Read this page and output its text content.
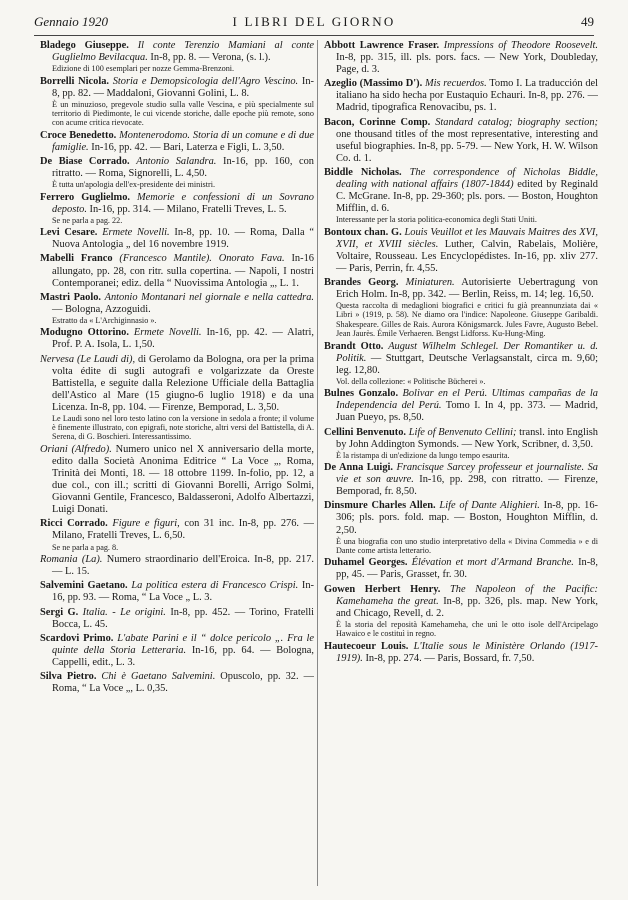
Gennaio 1920	I LIBRI DEL GIORNO	49
Bladego Giuseppe. Il conte Terenzio Mamiani al conte Guglielmo Bevilacqua. In-8, pp. 8. — Verona, (s. l.).
Edizione di 100 esemplari per nozze Gemma-Brenzoni.
Borrelli Nicola. Storia e Demopsicologia dell'Agro Vescino. In-8, pp. 82. — Maddaloni, Giovanni Golini, L. 8.
È un minuzioso, pregevole studio sulla valle Vescina, e più specialmente sul territorio di Piedimonte, le cui vicende storiche, dalle epoche più remote, sono con acume critica rievocate.
Croce Benedetto. Montenerodomo. Storia di un comune e di due famiglie. In-16, pp. 42. — Bari, Laterza e Figli, L. 3,50.
De Biase Corrado. Antonio Salandra. In-16, pp. 160, con ritratto. — Roma, Signorelli, L. 4,50.
È tutta un'apologia dell'ex-presidente dei ministri.
Ferrero Guglielmo. Memorie e confessioni di un Sovrano deposto. In-16, pp. 314. — Milano, Fratelli Treves, L. 5.
Se ne parla a pag. 22.
Levi Cesare. Ermete Novelli. In-8, pp. 10. — Roma, Dalla “ Nuova Antologia „ del 16 novembre 1919.
Mabelli Franco (Francesco Mantile). Onorato Fava. In-16 allungato, pp. 28, con ritr. sulla copertina. — Napoli, I nostri Contemporanei; ediz. della “ Nuovissima Antologia „, L. 1.
Mastri Paolo. Antonio Montanari nel giornale e nella cattedra. — Bologna, Azzoguidi.
Estratto da « L'Archiginnasio ».
Modugno Ottorino. Ermete Novelli. In-16, pp. 42. — Alatri, Prof. P. A. Isola, L. 1,50.
Nervesa (Le Laudi di), di Gerolamo da Bologna, ora per la prima volta édite di sugli autografi e volgarizzate da Oreste Battistella, e seguite dalla Relezione Ufficiale della Battaglia dell'Astico al Mare (15 giugno-6 luglio 1918) e da una Licenza. In-8, pp. 104. — Firenze, Bemporad, L. 3,50.
Le Laudi sono nel loro testo latino con la versione in sedola a fronte; il volume è finemente illustrato, con epigrafi, note storiche, altri versi del Battistella, di A. Serena, di G. Boschieri. Interessantissimo.
Oriani (Alfredo). Numero unico nel X anniversario della morte, edito dalla Società Anonima Editrice “ La Voce „, Roma, Trinità dei Monti, 18. — 18 ottobre 1199. In-folio, pp. 12, a due col., con ill.; scritti di Giovanni Borelli, Arrigo Solmi, Giovanni Gentile, Francesco, Baldasseroni, Adolfo Albertazzi, Luigi Donati.
Ricci Corrado. Figure e figuri, con 31 inc. In-8, pp. 276. — Milano, Fratelli Treves, L. 6,50.
Se ne parla a pag. 8.
Romania (La). Numero straordinario dell'Eroica. In-8, pp. 217. — L. 15.
Salvemini Gaetano. La politica estera di Francesco Crispi. In-16, pp. 93. — Roma, “ La Voce „ L. 3.
Sergi G. Italia. - Le origini. In-8, pp. 452. — Torino, Fratelli Bocca, L. 45.
Scardovi Primo. L'abate Parini e il “ dolce pericolo „. Fra le quinte della Storia Letteraria. In-16, pp. 64. — Bologna, Cappelli, edit., L. 3.
Silva Pietro. Chi è Gaetano Salvemini. Opuscolo, pp. 32. — Roma, “ La Voce „, L. 0,35.
Abbott Lawrence Fraser. Impressions of Theodore Roosevelt. In-8, pp. 315, ill. pls. pors. facs. — New York, Doubleday, Page, d. 3.
Azeglio (Massimo D'). Mis recuerdos. Tomo I. La traducción del italiano ha sido hecha por Eustaquio Echauri. In-8, pp. 276. — Madrid, tipografica Renovacibu, ps. 1.
Bacon, Corinne Comp. Standard catalog; biography section; one thousand titles of the most representative, interesting and useful biographies. In-8, pp. 5-79. — New York, H. W. Wilson Co. d. 1.
Biddle Nicholas. The correspondence of Nicholas Biddle, dealing with national affairs (1807-1844) edited by Reginald C. McGrane. In-8, pp. 29-360; pls. pors. — Boston, Houghton Mifflin, d. 6.
Interessante per la storia politica-economica degli Stati Uniti.
Bontoux chan. G. Louis Veuillot et les Mauvais Maitres des XVI, XVII, et XVIII siècles. Luther, Calvin, Rabelais, Molière, Voltaire, Rousseau. Les Encyclopédistes. In-16, pp. xliv 277. — Paris, Perrin, fr. 4,55.
Brandes Georg. Miniaturen. Autorisierte Uebertragung von Erich Holm. In-8, pp. 342. — Berlin, Reiss, m. 14; leg. 16,50.
Questa raccolta di medaglioni biografici e critici fu già preannunziata dai « Libri » (1919, p. 58). Ne diamo ora l'indice: Napoleone. Giuseppe Garibaldi. Shakespeare. Gilles de Rais. Aurora Königsmarck. Jules Favre, Augusto Bebel. Jean Jaurès. Émile Verhaeren. Bengst Lidforss. Ku-Hung-Ming.
Brandt Otto. August Wilhelm Schlegel. Der Romantiker u. d. Politik. — Stuttgart, Deutsche Verlagsanstalt, circa m. 9,60; leg. 12,80.
Vol. della collezione: « Politische Bücherei ».
Bulnes Gonzalo. Bolivar en el Perú. Ultimas campañas de la Independencia del Perú. Tomo I. In 4, pp. 373. — Madrid, Juan Pueyo, ps. 8,50.
Cellini Benvenuto. Life of Benvenuto Cellini; transl. into English by John Addington Symonds. — New York, Scribner, d. 3,50.
È la ristampa di un'edizione da lungo tempo esaurita.
De Anna Luigi. Francisque Sarcey professeur et journaliste. Sa vie et son œuvre. In-16, pp. 298, con ritratto. — Firenze, Bemporad, fr. 8,50.
Dinsmure Charles Allen. Life of Dante Alighieri. In-8, pp. 16-306; pls. pors. fold. map. — Boston, Houghton Mifflin, d. 2,50.
È una biografia con uno studio interpretativo della « Divina Commedia » e di Dante come artista letterario.
Duhamel Georges. Élévation et mort d'Armand Branche. In-8, pp, 45. — Paris, Grasset, fr. 30.
Gowen Herbert Henry. The Napoleon of the Pacific: Kamehameha the great. In-8, pp. 326, pls. map. New York, and Chicago, Revell, d. 2.
È la storia del reposità Kamehameha, che unì le otto isole dell'Arcipelago Hawaico e le costituì in regno.
Hautecoeur Louis. L'Italie sous le Ministère Orlando (1917-1919). In-8, pp. 274. — Paris, Bossard, fr. 7,50.
